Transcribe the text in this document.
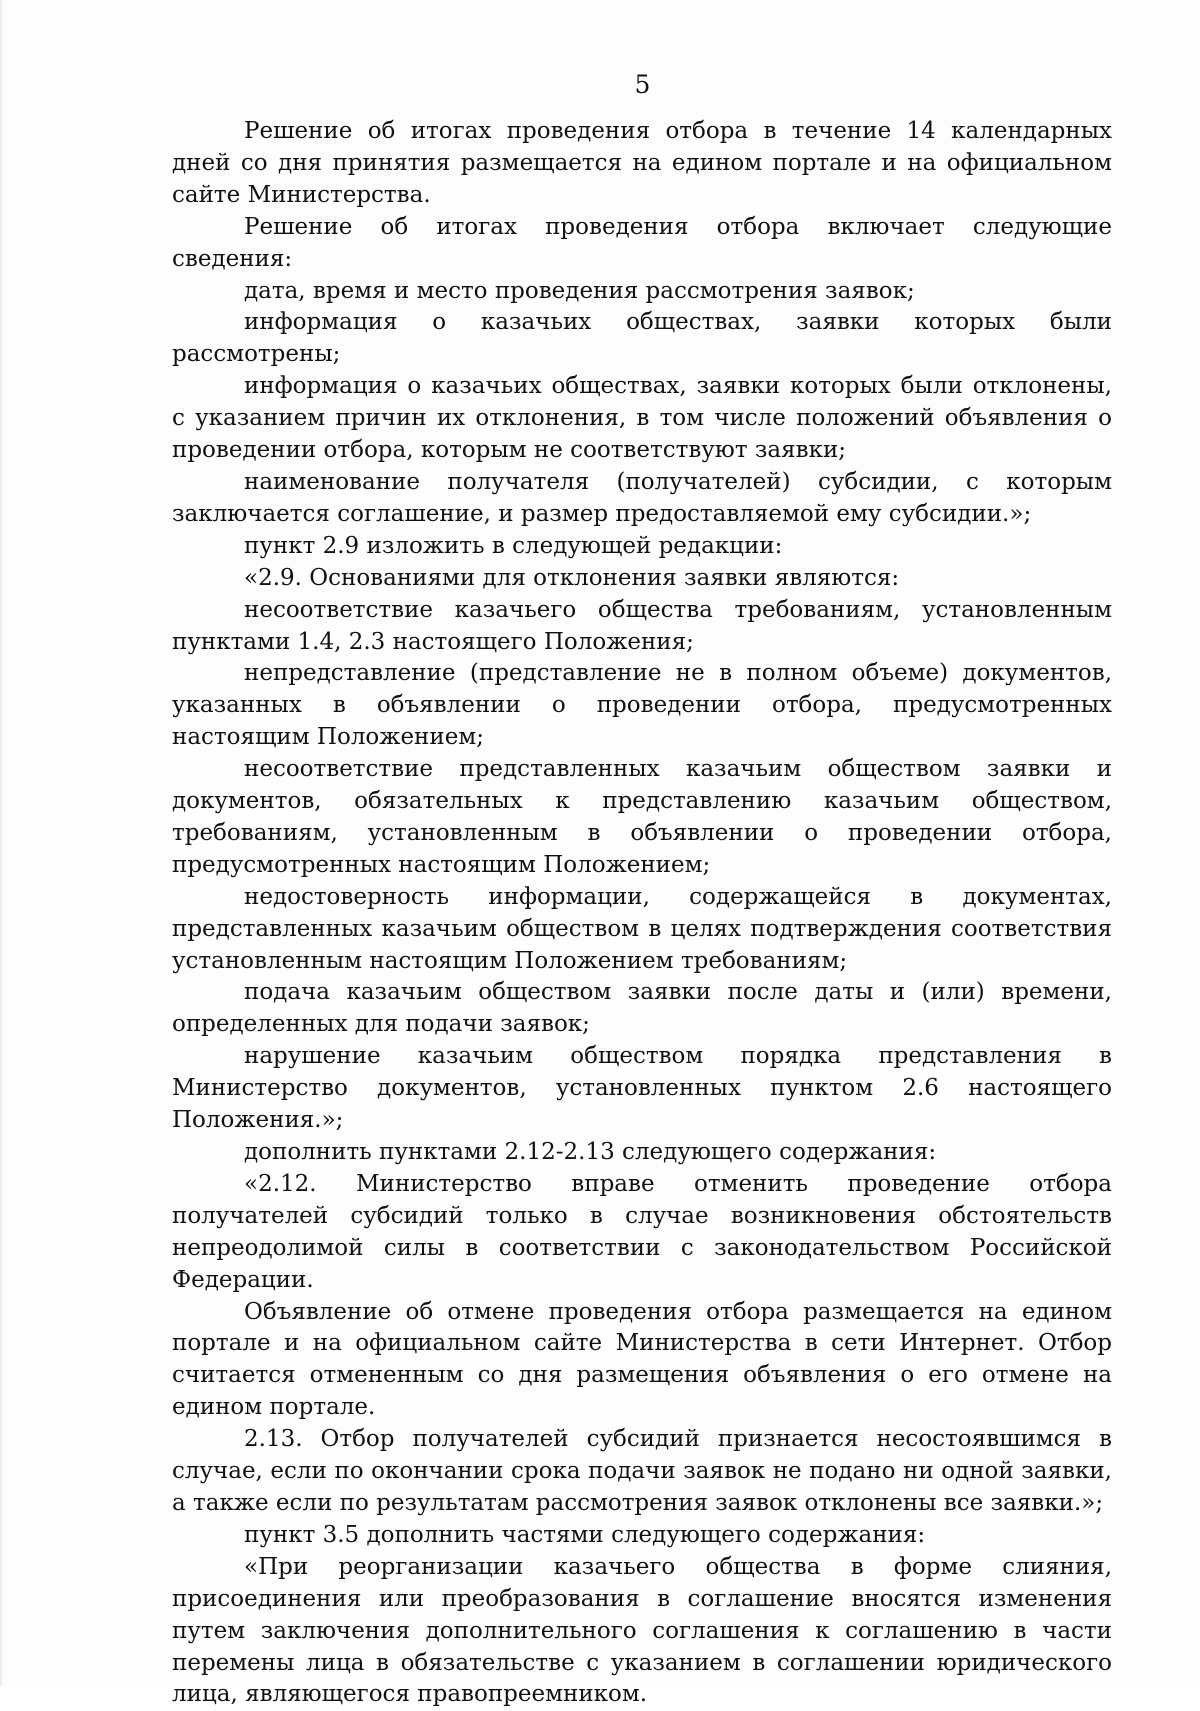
5

Решение об итогах проведения отбора в течение 14 календарных дней со дня принятия размещается на едином портале и на официальном сайте Министерства.

Решение об итогах проведения отбора включает следующие сведения:

дата, время и место проведения рассмотрения заявок;

информация о казачьих обществах, заявки которых были рассмотрены;

информация о казачьих обществах, заявки которых были отклонены, с указанием причин их отклонения, в том числе положений объявления о проведении отбора, которым не соответствуют заявки;

наименование получателя (получателей) субсидии, с которым заключается соглашение, и размер предоставляемой ему субсидии.»;

пункт 2.9 изложить в следующей редакции:

«2.9. Основаниями для отклонения заявки являются:

несоответствие казачьего общества требованиям, установленным пунктами 1.4, 2.3 настоящего Положения;

непредставление (представление не в полном объеме) документов, указанных в объявлении о проведении отбора, предусмотренных настоящим Положением;

несоответствие представленных казачьим обществом заявки и документов, обязательных к представлению казачьим обществом, требованиям, установленным в объявлении о проведении отбора, предусмотренных настоящим Положением;

недостоверность информации, содержащейся в документах, представленных казачьим обществом в целях подтверждения соответствия установленным настоящим Положением требованиям;

подача казачьим обществом заявки после даты и (или) времени, определенных для подачи заявок;

нарушение казачьим обществом порядка представления в Министерство документов, установленных пунктом 2.6 настоящего Положения.»;

дополнить пунктами 2.12-2.13 следующего содержания:

«2.12. Министерство вправе отменить проведение отбора получателей субсидий только в случае возникновения обстоятельств непреодолимой силы в соответствии с законодательством Российской Федерации.

Объявление об отмене проведения отбора размещается на едином портале и на официальном сайте Министерства в сети Интернет. Отбор считается отмененным со дня размещения объявления о его отмене на едином портале.

2.13. Отбор получателей субсидий признается несостоявшимся в случае, если по окончании срока подачи заявок не подано ни одной заявки, а также если по результатам рассмотрения заявок отклонены все заявки.»;

пункт 3.5 дополнить частями следующего содержания:

«При реорганизации казачьего общества в форме слияния, присоединения или преобразования в соглашение вносятся изменения путем заключения дополнительного соглашения к соглашению в части перемены лица в обязательстве с указанием в соглашении юридического лица, являющегося правопреемником.
